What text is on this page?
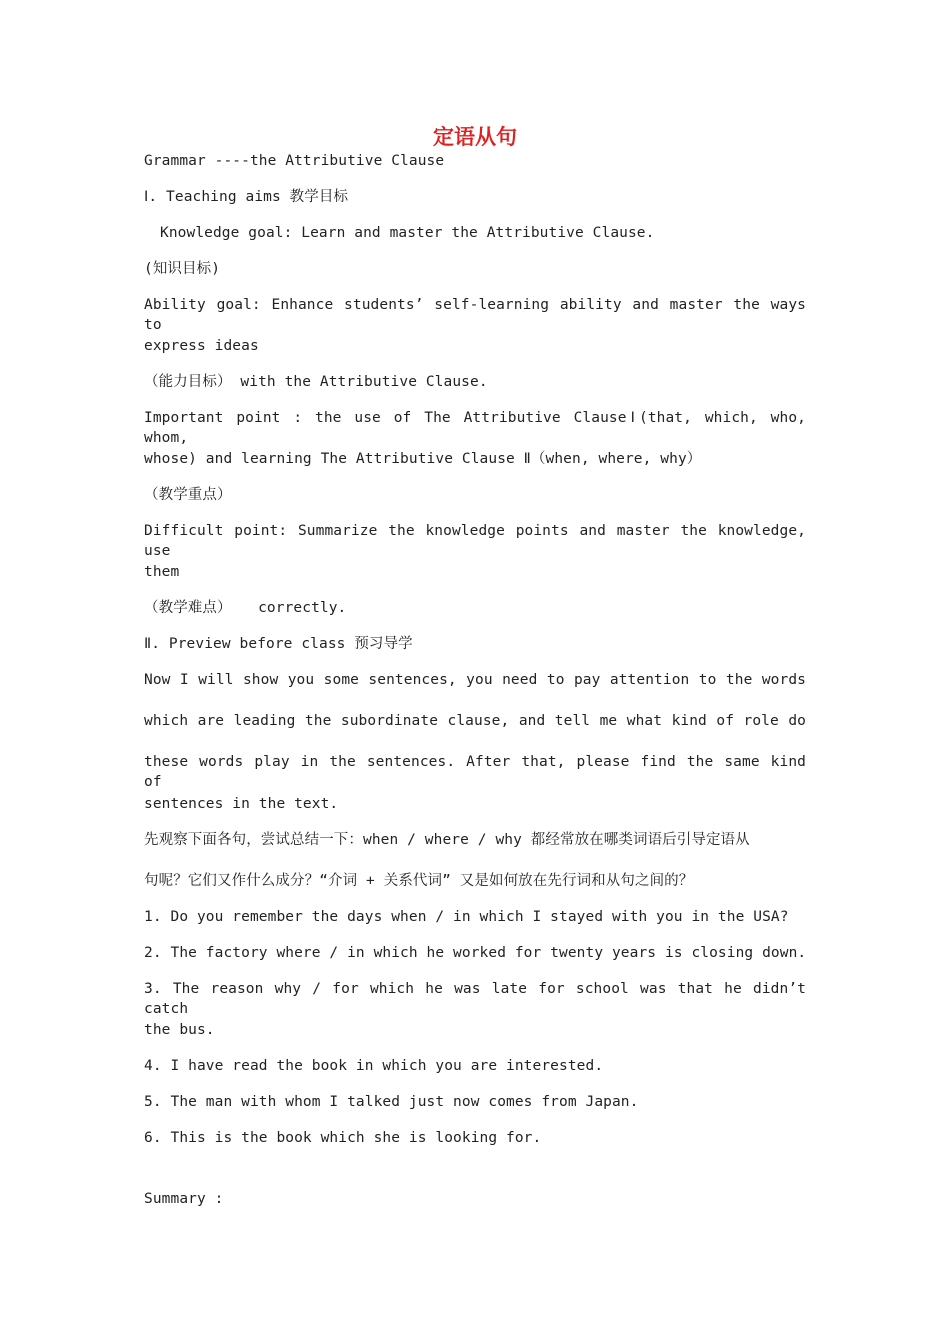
定语从句
Grammar ----the Attributive Clause
Ⅰ. Teaching aims 教学目标
Knowledge goal: Learn and master the Attributive Clause.
(知识目标)
Ability goal: Enhance students’ self-learning ability and master the ways to
express ideas
（能力目标） with the Attributive Clause.
Important point : the use of The Attributive ClauseⅠ(that, which, who, whom,
whose) and learning The Attributive Clause Ⅱ（when, where, why）
（教学重点）
Difficult point: Summarize the knowledge points and master the knowledge, use
them
（教学难点）   correctly.
Ⅱ. Preview before class 预习导学
Now I will show you some sentences, you need to pay attention to the words
which are leading the subordinate clause, and tell me what kind of role do
these words play in the sentences. After that, please find the same kind of
sentences in the text.
先观察下面各句，尝试总结一下：when / where / why 都经常放在哪类词语后引导定语从
句呢？它们又作什么成分？“介词 + 关系代词” 又是如何放在先行词和从句之间的？
1. Do you remember the days when / in which I stayed with you in the USA?
2. The factory where / in which he worked for twenty years is closing down.
3. The reason why / for which he was late for school was that he didn’t catch
the bus.
4. I have read the book in which you are interested.
5. The man with whom I talked just now comes from Japan.
6. This is the book which she is looking for.
Summary :
